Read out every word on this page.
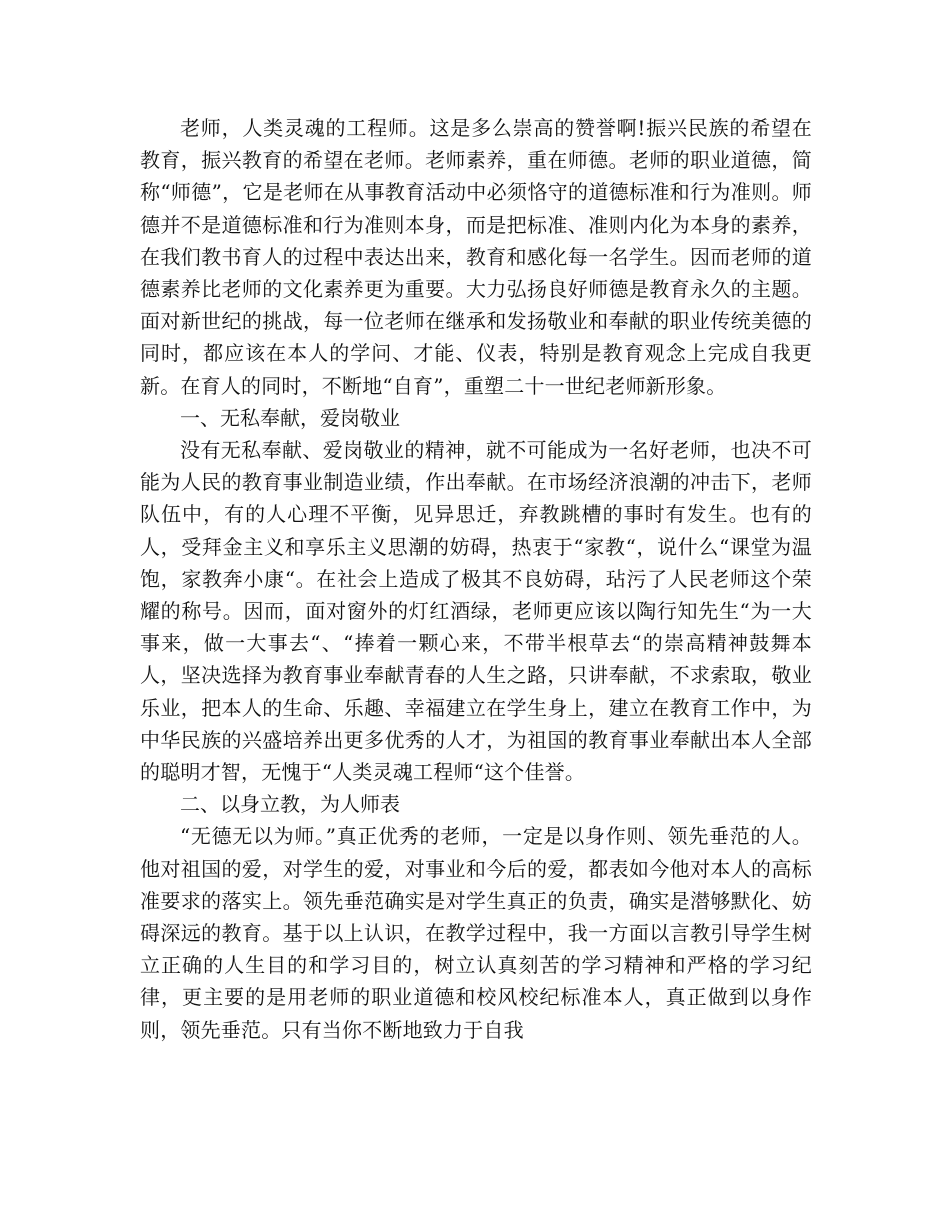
老师，人类灵魂的工程师。这是多么崇高的赞誉啊!振兴民族的希望在教育，振兴教育的希望在老师。老师素养，重在师德。老师的职业道德，简称“师德”，它是老师在从事教育活动中必须恪守的道德标准和行为准则。师德并不是道德标准和行为准则本身，而是把标准、准则内化为本身的素养，在我们教书育人的过程中表达出来，教育和感化每一名学生。因而老师的道德素养比老师的文化素养更为重要。大力弘扬良好师德是教育永久的主题。面对新世纪的挑战，每一位老师在继承和发扬敬业和奉献的职业传统美德的同时，都应该在本人的学问、才能、仪表，特别是教育观念上完成自我更新。在育人的同时，不断地“自育”，重塑二十一世纪老师新形象。

一、无私奉献，爱岗敬业

没有无私奉献、爱岗敬业的精神，就不可能成为一名好老师，也决不可能为人民的教育事业制造业绩，作出奉献。在市场经济浪潮的冲击下，老师队伍中，有的人心理不平衡，见异思迁，弃教跳槽的事时有发生。也有的人，受拜金主义和享乐主义思潮的妨碍，热衷于“家教“，说什么“课堂为温饱，家教奔小康“。在社会上造成了极其不良妨碍，玷污了人民老师这个荣耀的称号。因而，面对窗外的灯红酒绿，老师更应该以陶行知先生“为一大事来，做一大事去“、“捧着一颗心来，不带半根草去“的崇高精神鼓舞本人，坚决选择为教育事业奉献青春的人生之路，只讲奉献，不求索取，敬业乐业，把本人的生命、乐趣、幸福建立在学生身上，建立在教育工作中，为中华民族的兴盛培养出更多优秀的人才，为祖国的教育事业奉献出本人全部的聪明才智，无愧于“人类灵魂工程师“这个佳誉。

二、以身立教，为人师表

“无德无以为师。”真正优秀的老师，一定是以身作则、领先垂范的人。他对祖国的爱，对学生的爱，对事业和今后的爱，都表如今他对本人的高标准要求的落实上。领先垂范确实是对学生真正的负责，确实是潜够默化、妨碍深远的教育。基于以上认识，在教学过程中，我一方面以言教引导学生树立正确的人生目的和学习目的，树立认真刻苦的学习精神和严格的学习纪律，更主要的是用老师的职业道德和校风校纪标准本人，真正做到以身作则，领先垂范。只有当你不断地致力于自我
